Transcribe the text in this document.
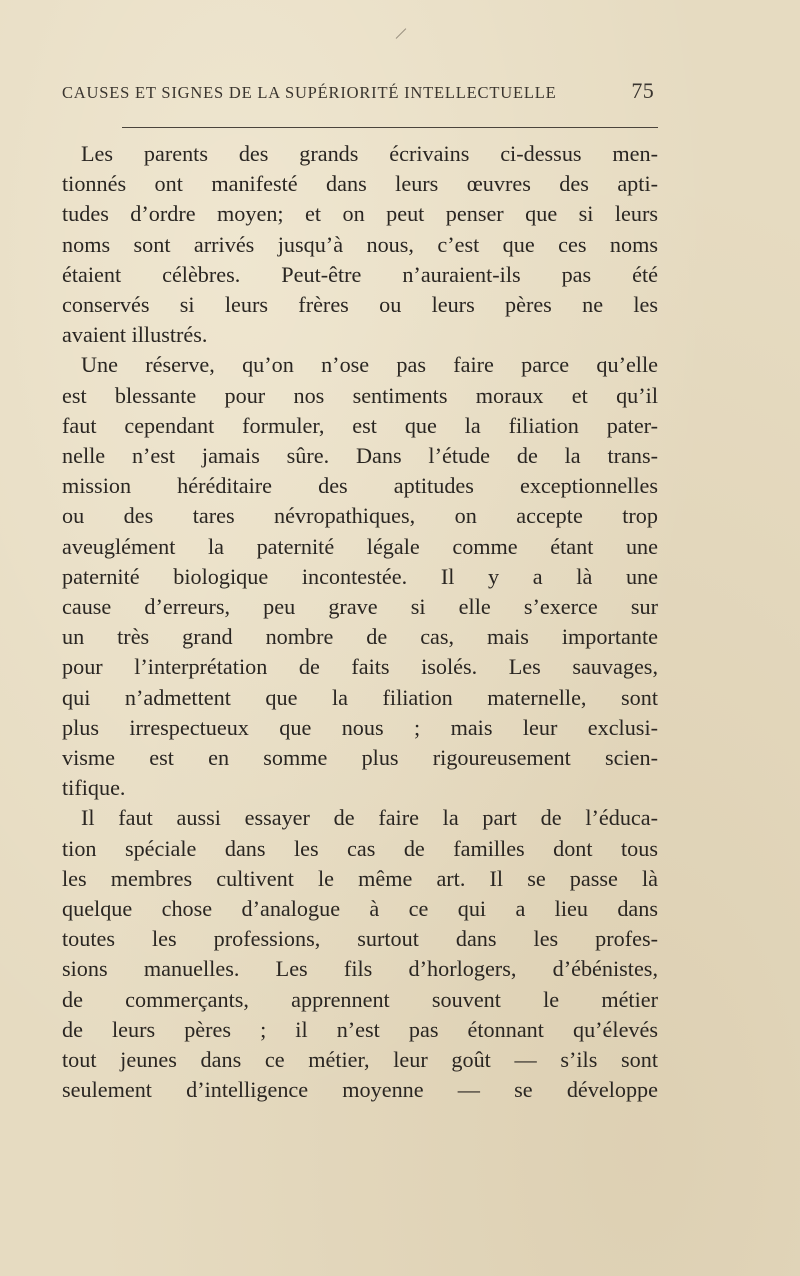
CAUSES ET SIGNES DE LA SUPÉRIORITÉ INTELLECTUELLE	75
Les parents des grands écrivains ci-dessus men-
tionnés ont manifesté dans leurs œuvres des apti-
tudes d’ordre moyen; et on peut penser que si leurs
noms sont arrivés jusqu’à nous, c’est que ces noms
étaient célèbres. Peut-être n’auraient-ils pas été
conservés si leurs frères ou leurs pères ne les
avaient illustrés.
Une réserve, qu’on n’ose pas faire parce qu’elle
est blessante pour nos sentiments moraux et qu’il
faut cependant formuler, est que la filiation pater-
nelle n’est jamais sûre. Dans l’étude de la trans-
mission héréditaire des aptitudes exceptionnelles
ou des tares névropathiques, on accepte trop
aveuglément la paternité légale comme étant une
paternité biologique incontestée. Il y a là une
cause d’erreurs, peu grave si elle s’exerce sur
un très grand nombre de cas, mais importante
pour l’interprétation de faits isolés. Les sauvages,
qui n’admettent que la filiation maternelle, sont
plus irrespectueux que nous ; mais leur exclusi-
visme est en somme plus rigoureusement scien-
tifique.
Il faut aussi essayer de faire la part de l’éduca-
tion spéciale dans les cas de familles dont tous
les membres cultivent le même art. Il se passe là
quelque chose d’analogue à ce qui a lieu dans
toutes les professions, surtout dans les profes-
sions manuelles. Les fils d’horlogers, d’ébénistes,
de commerçants, apprennent souvent le métier
de leurs pères ; il n’est pas étonnant qu’élevés
tout jeunes dans ce métier, leur goût — s’ils sont
seulement d’intelligence moyenne — se développe
